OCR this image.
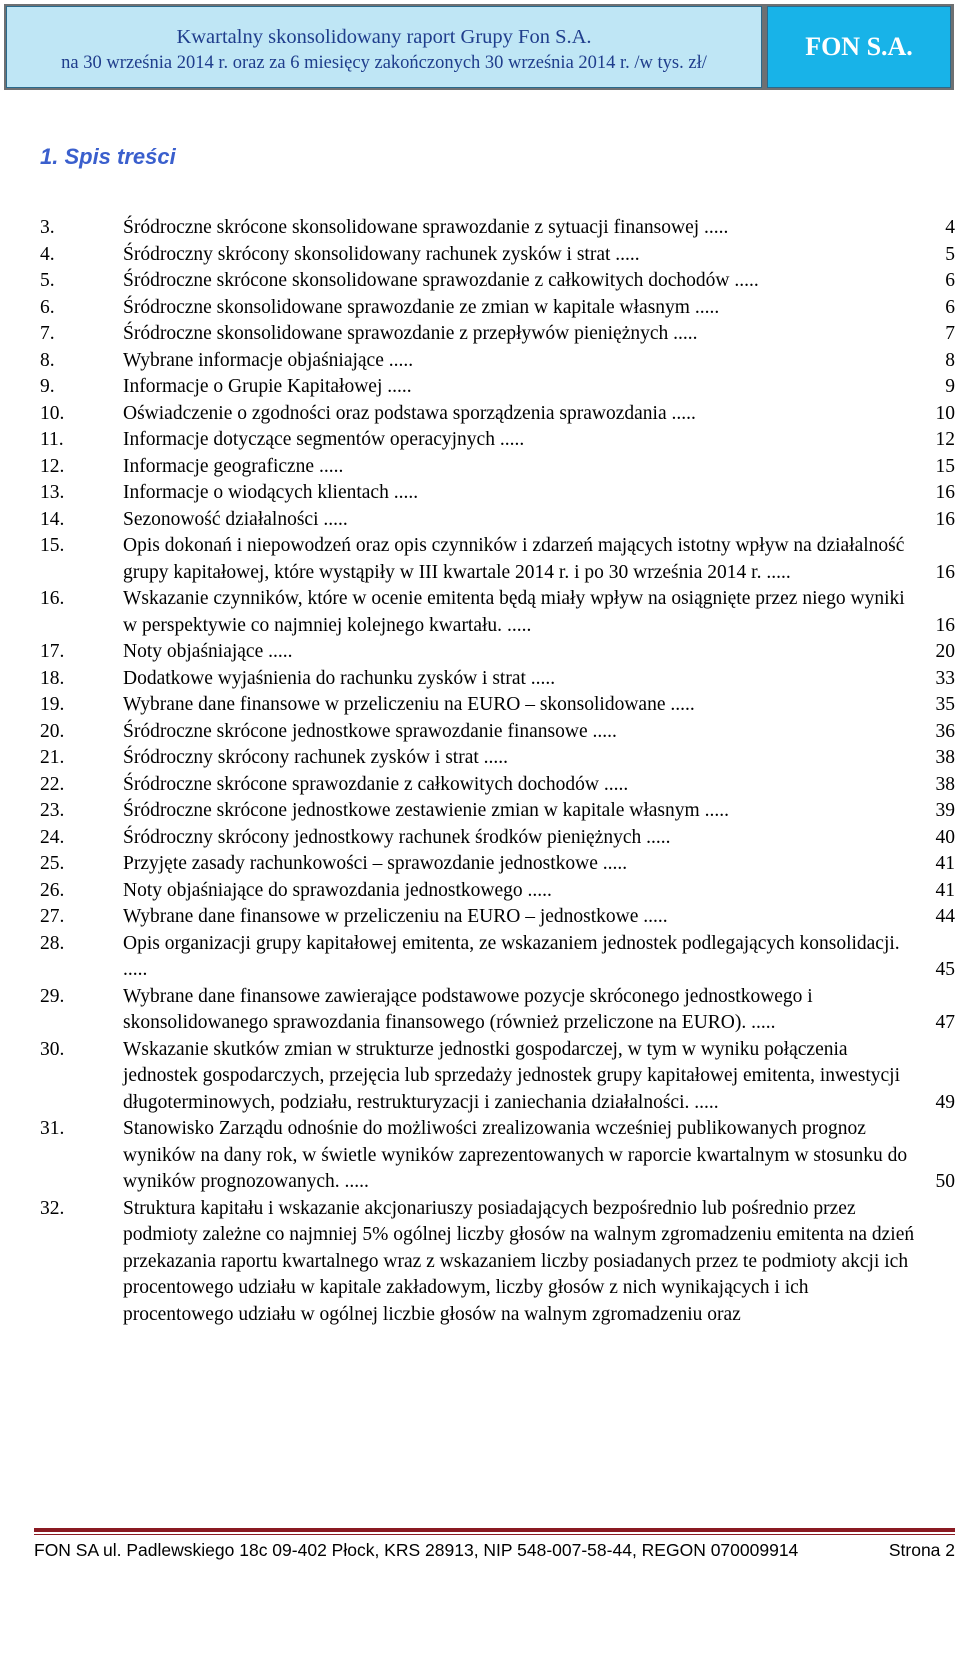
Kwartalny skonsolidowany raport Grupy Fon S.A.
na 30 września 2014 r. oraz za 6 miesięcy zakończonych 30 września 2014 r. /w tys. zł/
FON S.A.
1. Spis treści
3.	Śródroczne skrócone skonsolidowane sprawozdanie z sytuacji finansowej .....	4
4.	Śródroczny skrócony skonsolidowany rachunek zysków i strat .....	5
5.	Śródroczne skrócone skonsolidowane sprawozdanie z całkowitych dochodów .....	6
6.	Śródroczne skonsolidowane sprawozdanie ze zmian w kapitale własnym .....	6
7.	Śródroczne skonsolidowane sprawozdanie z przepływów pieniężnych .....	7
8.	Wybrane informacje objaśniające .....	8
9.	Informacje o Grupie Kapitałowej .....	9
10.	Oświadczenie o zgodności oraz podstawa sporządzenia sprawozdania .....	10
11.	Informacje dotyczące segmentów operacyjnych .....	12
12.	Informacje geograficzne .....	15
13.	Informacje o wiodących klientach .....	16
14.	Sezonowość działalności .....	16
15.	Opis dokonań i niepowodzeń oraz opis czynników i zdarzeń mających istotny wpływ na działalność grupy kapitałowej, które wystąpiły w III kwartale 2014 r. i po 30 września 2014 r. .....	16
16.	Wskazanie czynników, które w ocenie emitenta będą miały wpływ na osiągnięte przez niego wyniki w perspektywie co najmniej kolejnego kwartału. .....	16
17.	Noty objaśniające .....	20
18.	Dodatkowe wyjaśnienia do rachunku zysków i strat .....	33
19.	Wybrane dane finansowe w przeliczeniu na EURO – skonsolidowane .....	35
20.	Śródroczne skrócone jednostkowe sprawozdanie finansowe .....	36
21.	Śródroczny skrócony rachunek zysków i strat .....	38
22.	Śródroczne skrócone sprawozdanie z całkowitych dochodów .....	38
23.	Śródroczne skrócone jednostkowe zestawienie zmian w kapitale własnym .....	39
24.	Śródroczny skrócony jednostkowy rachunek środków pieniężnych .....	40
25.	Przyjęte zasady rachunkowości – sprawozdanie jednostkowe .....	41
26.	Noty objaśniające do sprawozdania jednostkowego .....	41
27.	Wybrane dane finansowe w przeliczeniu na EURO – jednostkowe .....	44
28.	Opis organizacji grupy kapitałowej emitenta, ze wskazaniem jednostek podlegających konsolidacji. .....	45
29.	Wybrane dane finansowe zawierające podstawowe pozycje skróconego jednostkowego i skonsolidowanego sprawozdania finansowego (również przeliczone na EURO). .....	47
30.	Wskazanie skutków zmian w strukturze jednostki gospodarczej, w tym w wyniku połączenia jednostek gospodarczych, przejęcia lub sprzedaży jednostek grupy kapitałowej emitenta, inwestycji długoterminowych, podziału, restrukturyzacji i zaniechania działalności. .....	49
31.	Stanowisko Zarządu odnośnie do możliwości zrealizowania wcześniej publikowanych prognoz wyników na dany rok, w świetle wyników zaprezentowanych w raporcie kwartalnym w stosunku do wyników prognozowanych. .....	50
32.	Struktura kapitału i wskazanie akcjonariuszy posiadających bezpośrednio lub pośrednio przez podmioty zależne co najmniej 5% ogólnej liczby głosów na walnym zgromadzeniu emitenta na dzień przekazania raportu kwartalnego wraz z wskazaniem liczby posiadanych przez te podmioty akcji ich procentowego udziału w kapitale zakładowym, liczby głosów z nich wynikających i ich procentowego udziału w ogólnej liczbie głosów na walnym zgromadzeniu oraz
FON SA ul. Padlewskiego 18c 09-402 Płock, KRS 28913, NIP 548-007-58-44, REGON 070009914	Strona 2
